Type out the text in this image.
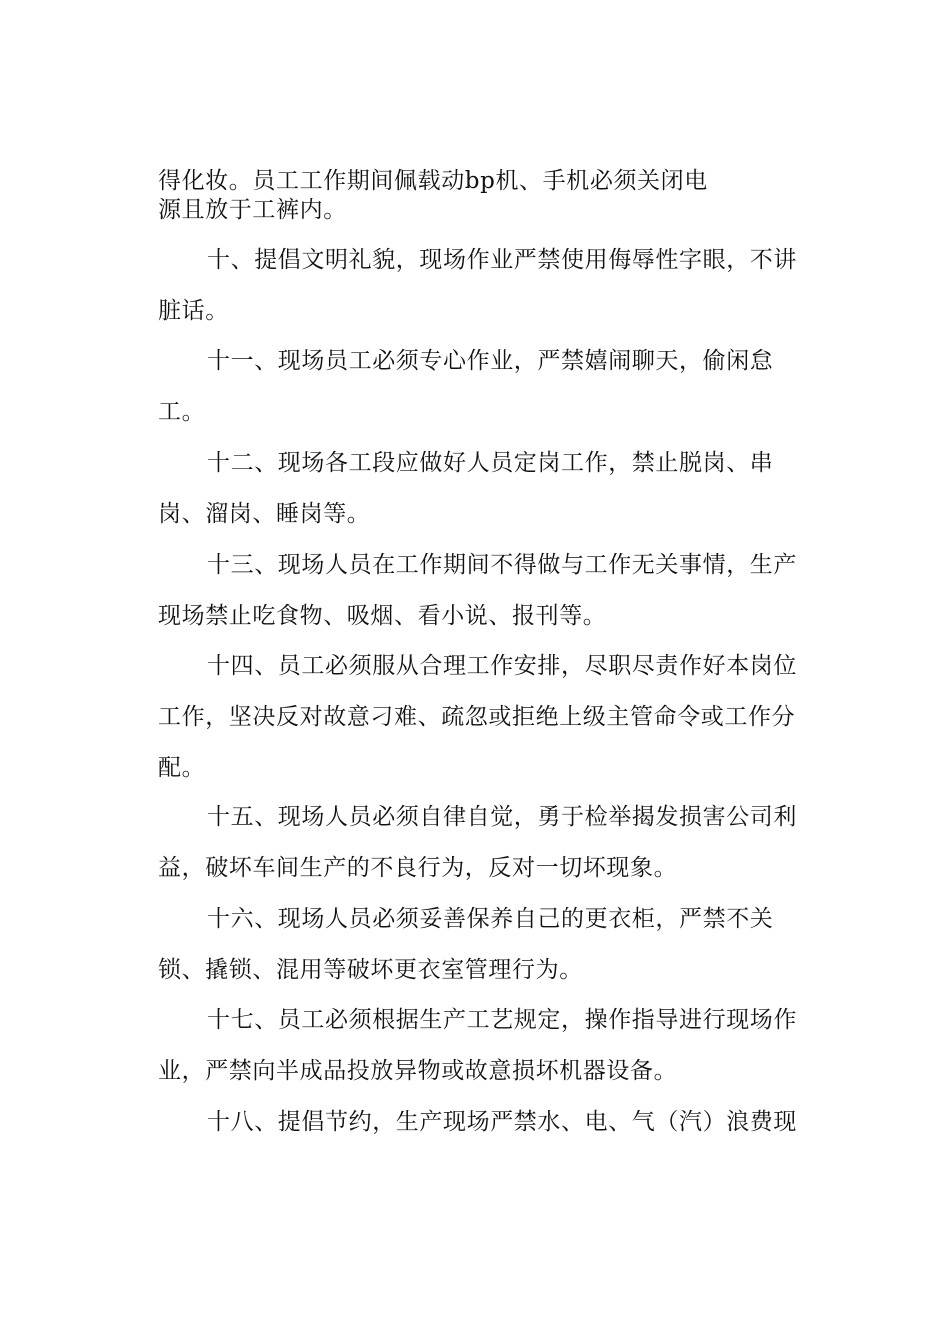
得化妆。员工工作期间佩载动bp机、手机必须关闭电
源且放于工裤内。
十、提倡文明礼貌，现场作业严禁使用侮辱性字眼，不讲
脏话。
十一、现场员工必须专心作业，严禁嬉闹聊天，偷闲怠
工。
十二、现场各工段应做好人员定岗工作，禁止脱岗、串
岗、溜岗、睡岗等。
十三、现场人员在工作期间不得做与工作无关事情，生产
现场禁止吃食物、吸烟、看小说、报刊等。
十四、员工必须服从合理工作安排，尽职尽责作好本岗位
工作，坚决反对故意刁难、疏忽或拒绝上级主管命令或工作分
配。
十五、现场人员必须自律自觉，勇于检举揭发损害公司利
益，破坏车间生产的不良行为，反对一切坏现象。
十六、现场人员必须妥善保养自己的更衣柜，严禁不关
锁、撬锁、混用等破坏更衣室管理行为。
十七、员工必须根据生产工艺规定，操作指导进行现场作
业，严禁向半成品投放异物或故意损坏机器设备。
十八、提倡节约，生产现场严禁水、电、气（汽）浪费现
